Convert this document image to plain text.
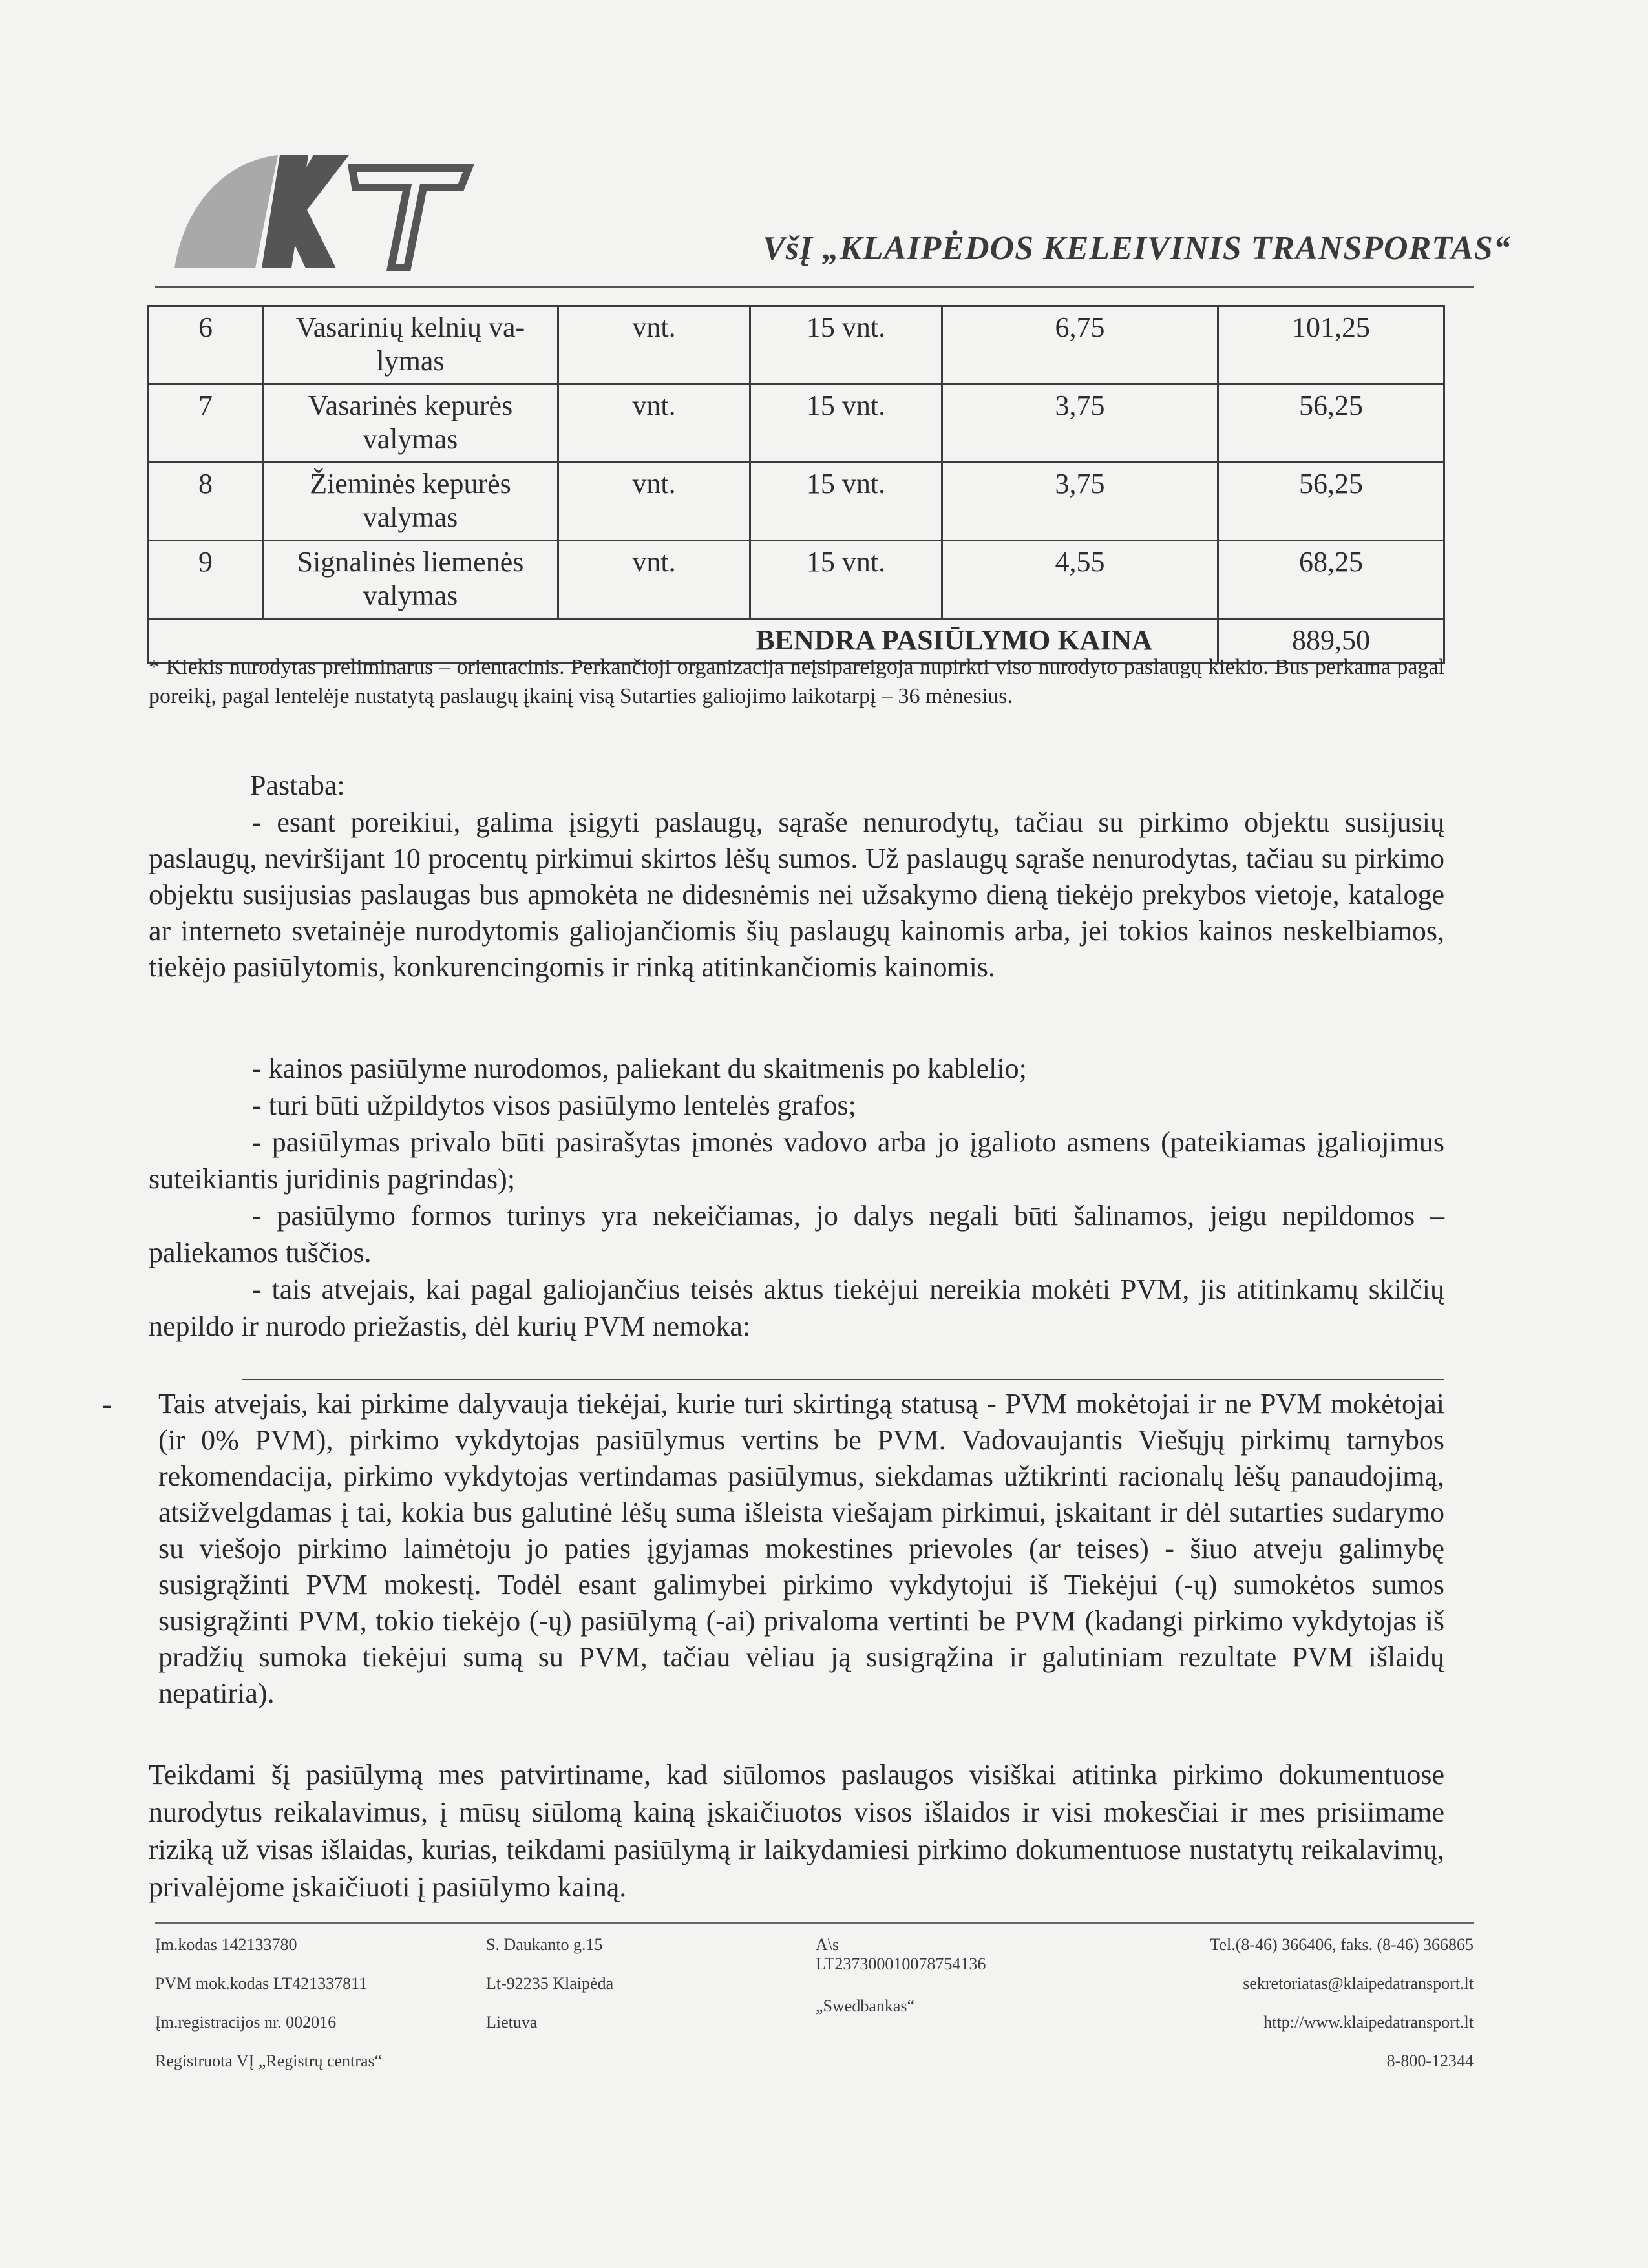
VšĮ „KLAIPĖDOS KELEIVINIS TRANSPORTAS“
6	Vasarinių kelnių va-lymas	vnt.	15 vnt.	6,75	101,25
7	Vasarinės kepurės valymas	vnt.	15 vnt.	3,75	56,25
8	Žieminės kepurės valymas	vnt.	15 vnt.	3,75	56,25
9	Signalinės liemenės valymas	vnt.	15 vnt.	4,55	68,25
BENDRA PASIŪLYMO KAINA					889,50
* Kiekis nurodytas preliminarus – orientacinis. Perkančioji organizacija neįsipareigoja nupirkti viso nurodyto paslaugų kiekio. Bus perkama pagal poreikį, pagal lentelėje nustatytą paslaugų įkainį visą Sutarties galiojimo laikotarpį – 36 mėnesius.
Pastaba:

- esant poreikiui, galima įsigyti paslaugų, sąraše nenurodytų, tačiau su pirkimo objektu susijusių paslaugų, neviršijant 10 procentų pirkimui skirtos lėšų sumos. Už paslaugų sąraše nenurodytas, tačiau su pirkimo objektu susijusias paslaugas bus apmokėta ne didesnėmis nei užsakymo dieną tiekėjo prekybos vietoje, kataloge ar interneto svetainėje nurodytomis galiojančiomis šių paslaugų kainomis arba, jei tokios kainos neskelbiamos, tiekėjo pasiūlytomis, konkurencingomis ir rinką atitinkančiomis kainomis.

- kainos pasiūlyme nurodomos, paliekant du skaitmenis po kablelio;

- turi būti užpildytos visos pasiūlymo lentelės grafos;

- pasiūlymas privalo būti pasirašytas įmonės vadovo arba jo įgalioto asmens (pateikiamas įgaliojimus suteikiantis juridinis pagrindas);

- pasiūlymo formos turinys yra nekeičiamas, jo dalys negali būti šalinamos, jeigu nepildomos – paliekamos tuščios.

- tais atvejais, kai pagal galiojančius teisės aktus tiekėjui nereikia mokėti PVM, jis atitinkamų skilčių nepildo ir nurodo priežastis, dėl kurių PVM nemoka:

- Tais atvejais, kai pirkime dalyvauja tiekėjai, kurie turi skirtingą statusą - PVM mokėtojai ir ne PVM mokėtojai (ir 0% PVM), pirkimo vykdytojas pasiūlymus vertins be PVM. Vadovaujantis Viešųjų pirkimų tarnybos rekomendacija, pirkimo vykdytojas vertindamas pasiūlymus, siekdamas užtikrinti racionalų lėšų panaudojimą, atsižvelgdamas į tai, kokia bus galutinė lėšų suma išleista viešajam pirkimui, įskaitant ir dėl sutarties sudarymo su viešojo pirkimo laimėtoju jo paties įgyjamas mokestines prievoles (ar teises) - šiuo atveju galimybę susigrąžinti PVM mokestį. Todėl esant galimybei pirkimo vykdytojui iš Tiekėjui (-ų) sumokėtos sumos susigrąžinti PVM, tokio tiekėjo (-ų) pasiūlymą (-ai) privaloma vertinti be PVM (kadangi pirkimo vykdytojas iš pradžių sumoka tiekėjui sumą su PVM, tačiau vėliau ją susigrąžina ir galutiniam rezultate PVM išlaidų nepatiria).
Teikdami šį pasiūlymą mes patvirtiname, kad siūlomos paslaugos visiškai atitinka pirkimo dokumentuose nurodytus reikalavimus, į mūsų siūlomą kainą įskaičiuotos visos išlaidos ir visi mokesčiai ir mes prisiimame riziką už visas išlaidas, kurias, teikdami pasiūlymą ir laikydamiesi pirkimo dokumentuose nustatytų reikalavimų, privalėjome įskaičiuoti į pasiūlymo kainą.
Įm.kodas 142133780
PVM mok.kodas LT421337811
Įm.registracijos nr. 002016
Registruota VĮ „Registrų centras“
S. Daukanto g.15
Lt-92235 Klaipėda
Lietuva
A\s
LT237300010078754136
„Swedbankas“
Tel.(8-46) 366406, faks. (8-46) 366865
sekretoriatas@klaipedatransport.lt
http://www.klaipedatransport.lt
8-800-12344
